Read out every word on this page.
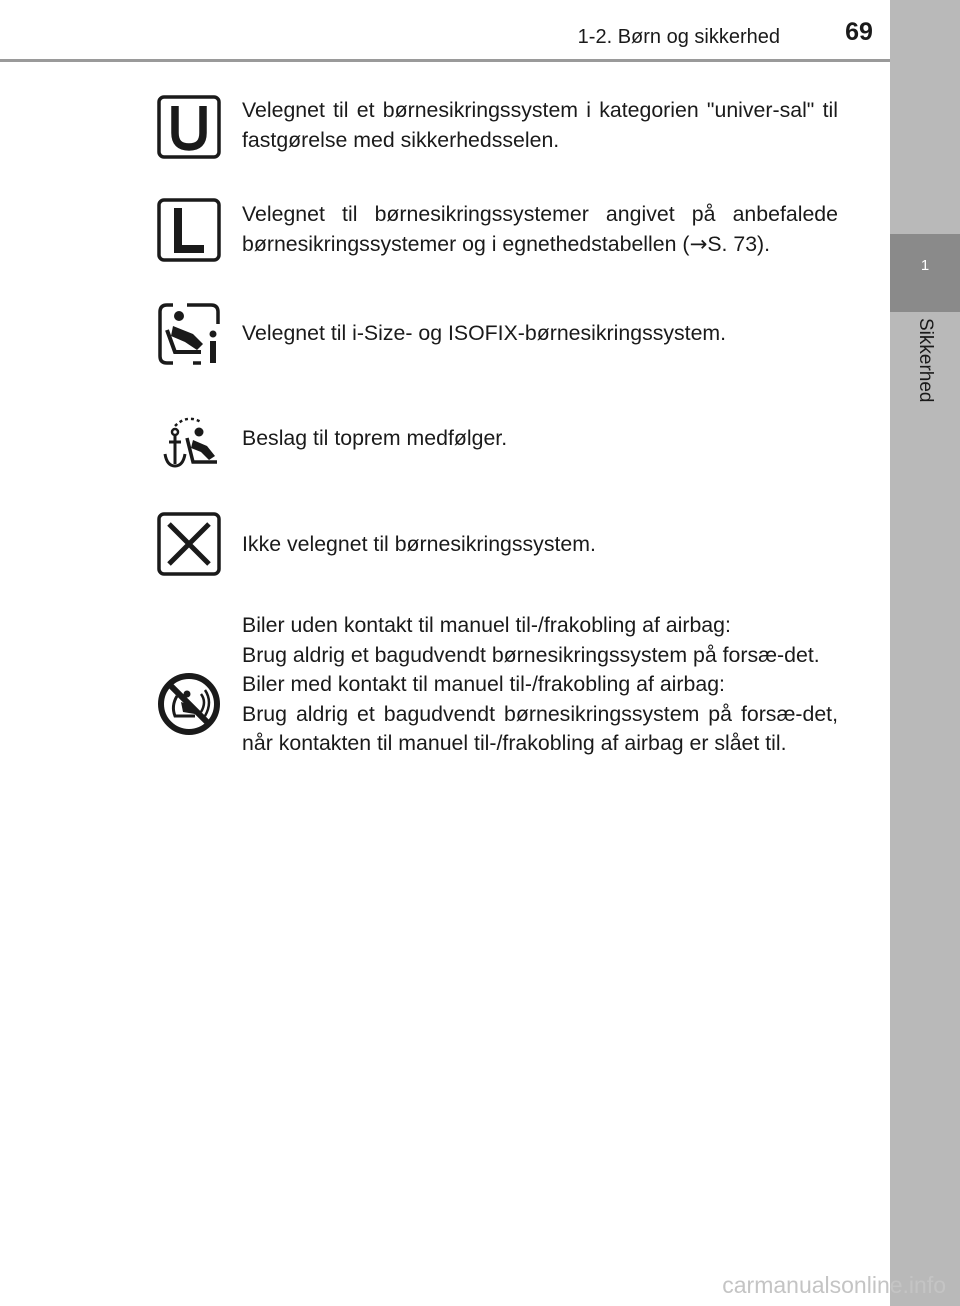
1-2. Børn og sikkerhed	69
1
Sikkerhed

Velegnet til et børnesikringssystem i kategorien "univer-sal" til fastgørelse med sikkerhedsselen.

Velegnet til børnesikringssystemer angivet på anbefalede børnesikringssystemer og i egnethedstabellen (→S. 73).

Velegnet til i-Size- og ISOFIX-børnesikringssystem.

Beslag til toprem medfølger.

Ikke velegnet til børnesikringssystem.

Biler uden kontakt til manuel til-/frakobling af airbag:

Brug aldrig et bagudvendt børnesikringssystem på forsæ-det.

Biler med kontakt til manuel til-/frakobling af airbag:

Brug aldrig et bagudvendt børnesikringssystem på forsæ-det, når kontakten til manuel til-/frakobling af airbag er slået til.

carmanualsonline.info
